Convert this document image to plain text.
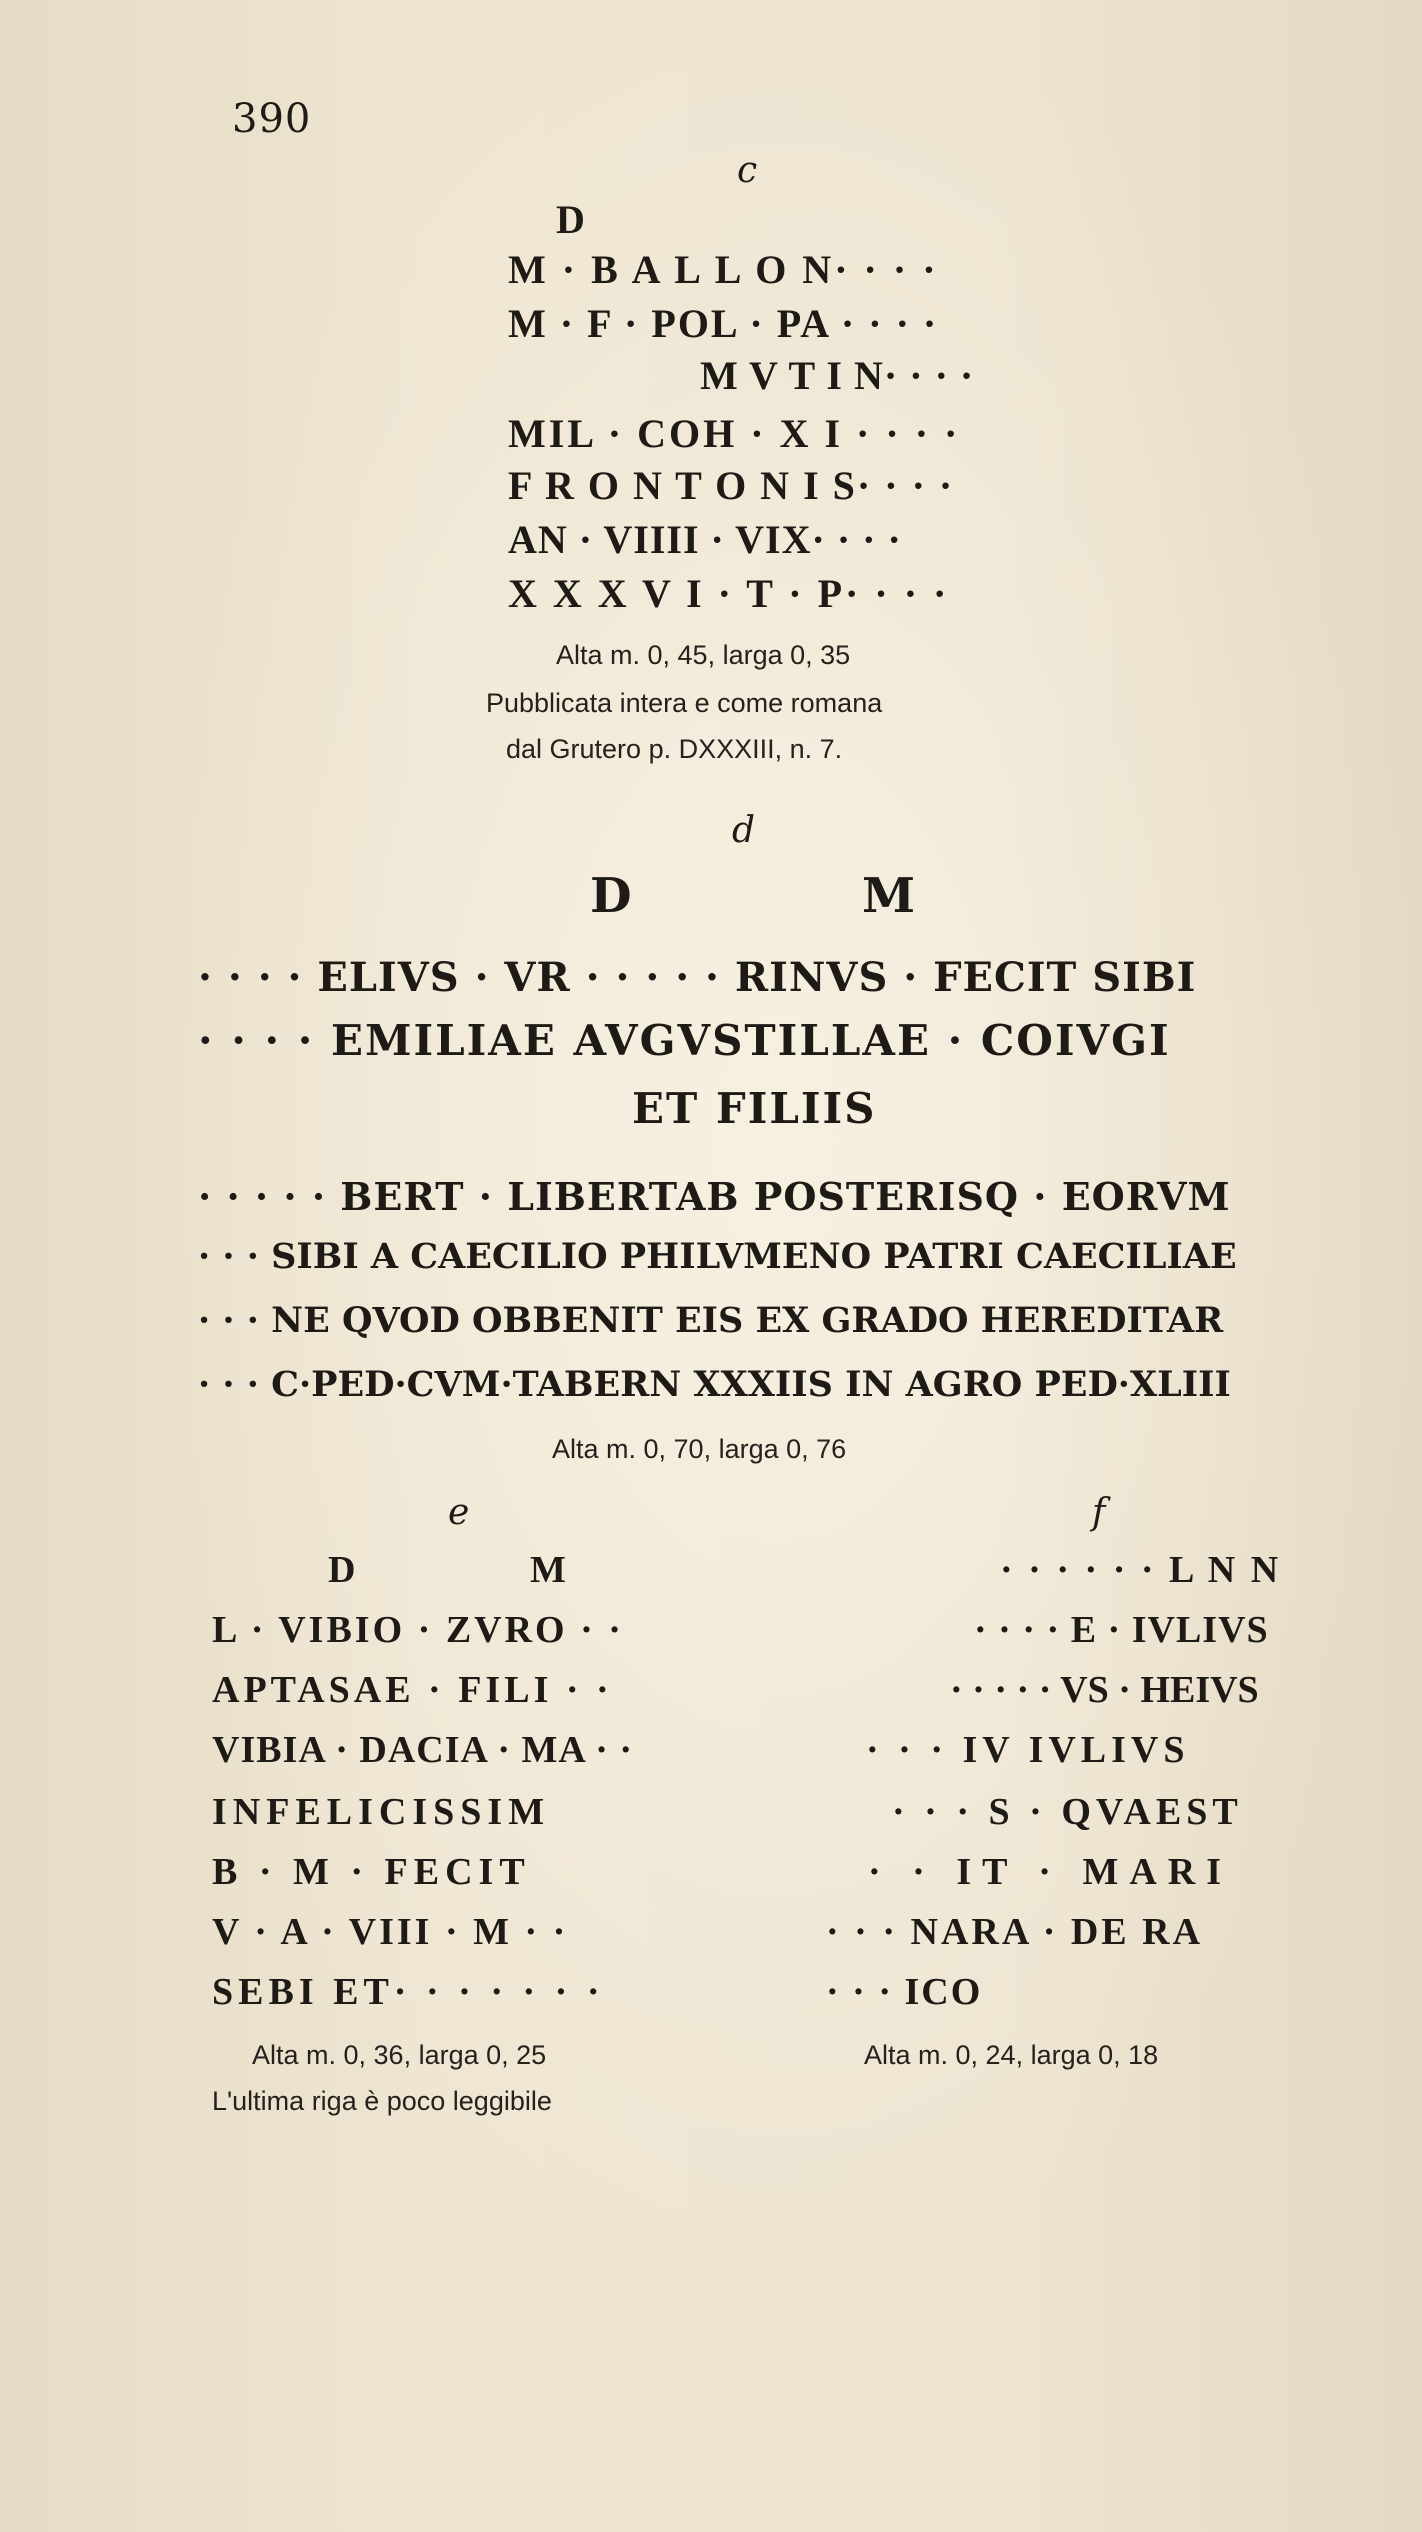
390
c
D
M · B A L L O N· · · ·
M · F · POL · PA · · · ·
M V T I N· · · ·
MIL · COH · X I · · · ·
F R O N T O N I S· · · ·
AN · VIIII · VIX· · · ·
X X X V I · T · P· · · ·
Alta m. 0, 45, larga 0, 35
Pubblicata intera e come romana
dal Grutero p. DXXXIII, n. 7.
d
D	M
· · · · ELIVS · VR · · · · · RINVS · FECIT SIBI
· · · · EMILIAE AVGVSTILLAE · COIVGI
ET FILIIS
· · · · · BERT · LIBERTAB POSTERISQ · EORVM
· · · SIBI A CAECILIO PHILVMENO PATRI CAECILIAE
· · · NE QVOD OBBENIT EIS EX GRADO HEREDITAR
· · · C·PED·CVM·TABERN XXXIIS IN AGRO PED·XLIII
Alta m. 0, 70, larga 0, 76
e
D	M
L · VIBIO · ZVRO · ·
APTASAE · FILI · ·
VIBIA · DACIA · MA · ·
INFELICISSIM
B · M · FECIT
V · A · VIII · M · ·
SEBI ET· · · · · · ·
Alta m. 0, 36, larga 0, 25
L'ultima riga è poco leggibile
f
· · · · · · L N N
· · · · E · IVLIVS
· · · · · VS · HEIVS
· · · IV IVLIVS
· · · S · QVAEST
· · IT · MARI
· · · NARA · DE RA
· · · ICO
Alta m. 0, 24, larga 0, 18
